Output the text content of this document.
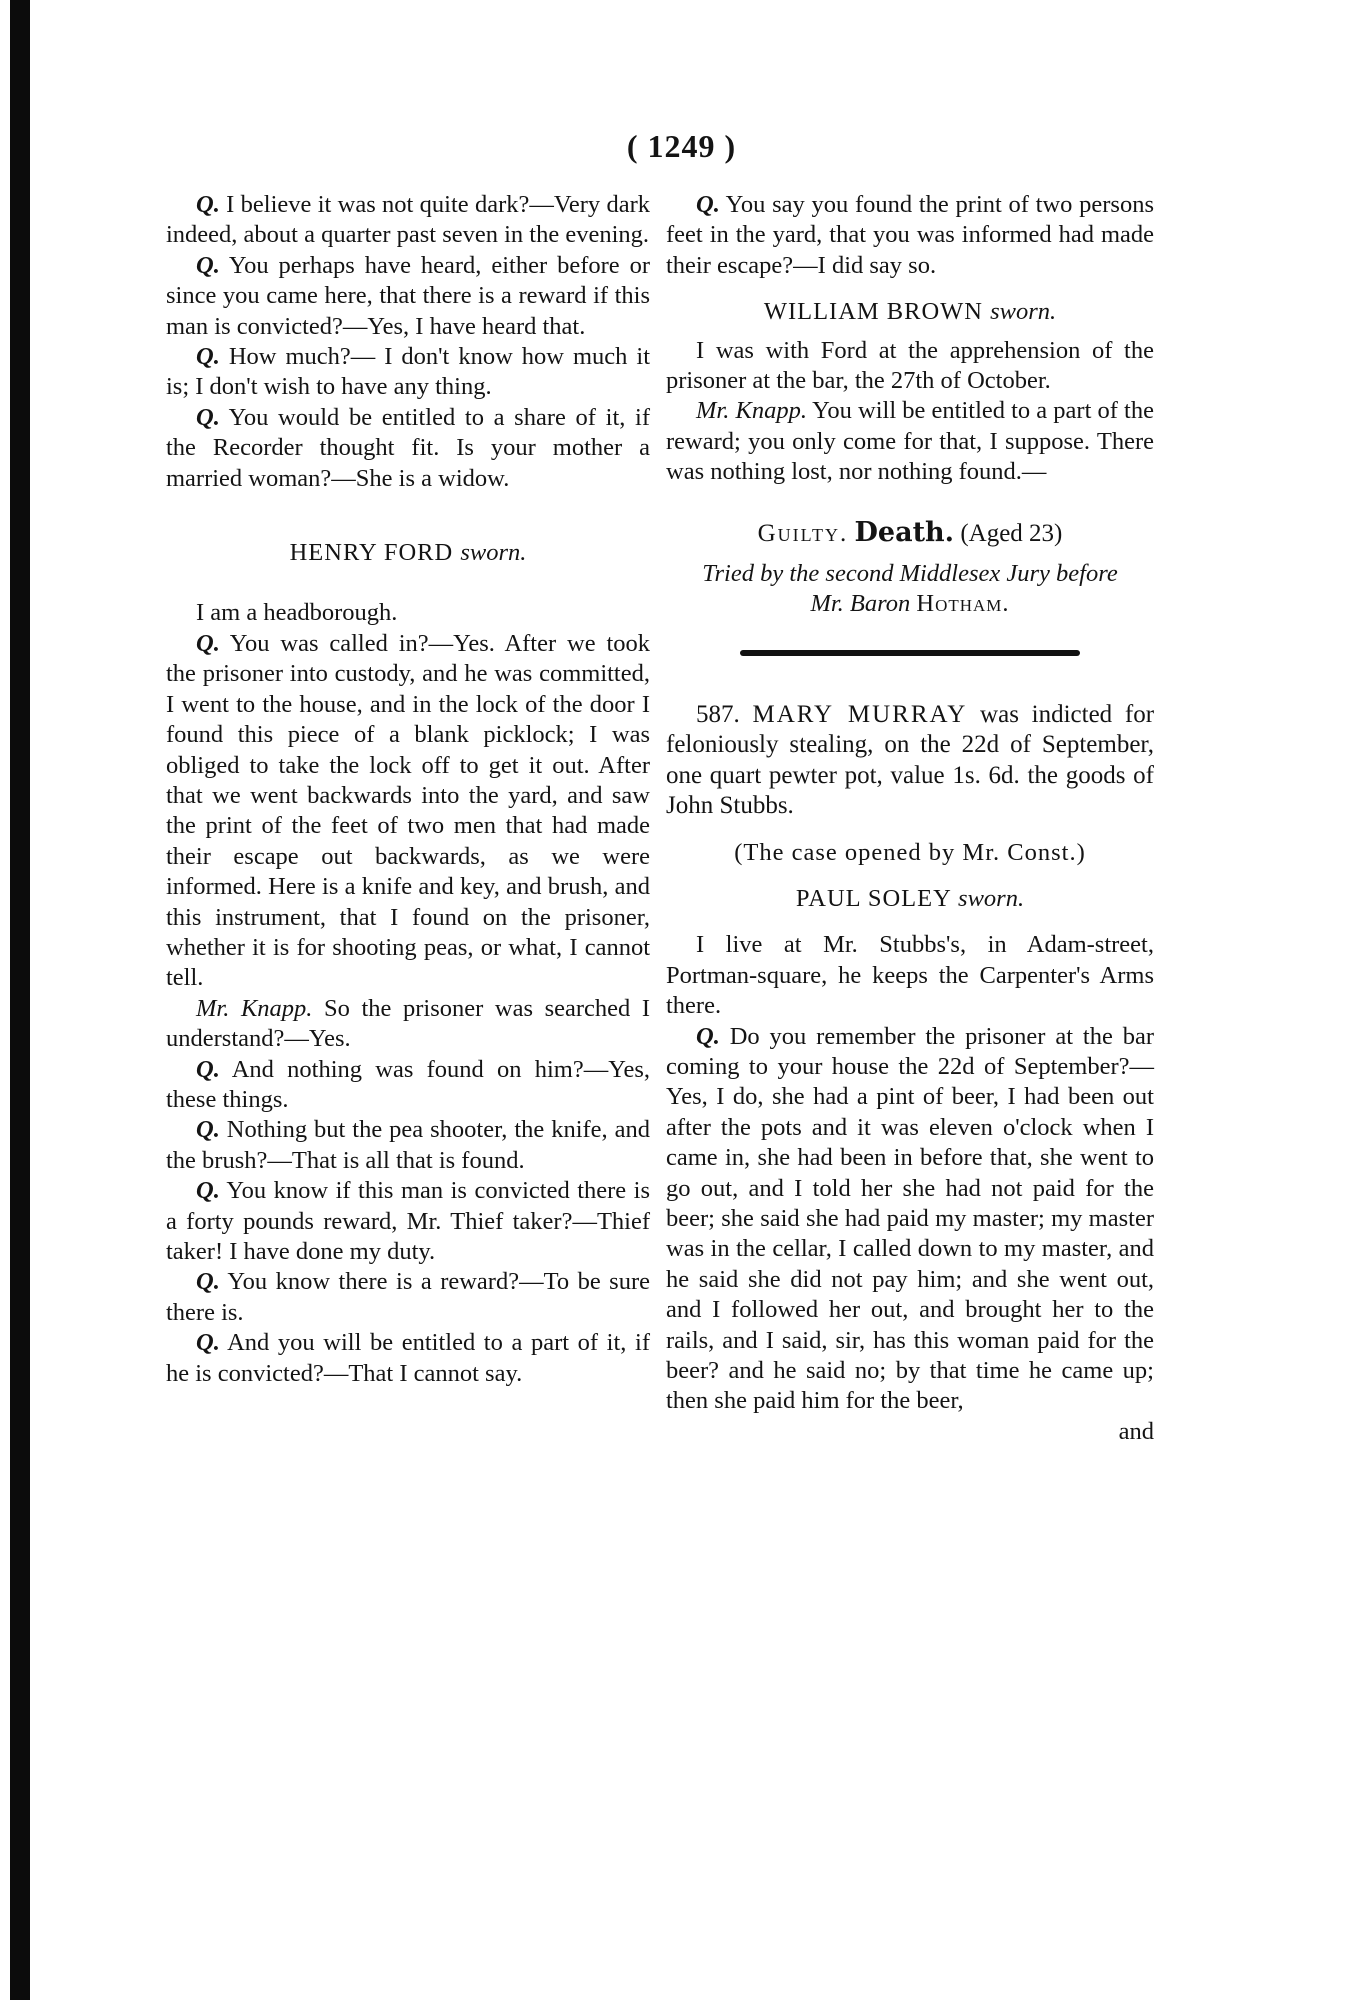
( 1249 )

Q. I believe it was not quite dark?—Very dark indeed, about a quarter past seven in the evening.

Q. You perhaps have heard, either before or since you came here, that there is a reward if this man is convicted?—Yes, I have heard that.

Q. How much?— I don't know how much it is; I don't wish to have any thing.

Q. You would be entitled to a share of it, if the Recorder thought fit. Is your mother a married woman?—She is a widow.

HENRY FORD sworn.

I am a headborough.

Q. You was called in?—Yes. After we took the prisoner into custody, and he was committed, I went to the house, and in the lock of the door I found this piece of a blank picklock; I was obliged to take the lock off to get it out. After that we went backwards into the yard, and saw the print of the feet of two men that had made their escape out backwards, as we were informed. Here is a knife and key, and brush, and this instrument, that I found on the prisoner, whether it is for shooting peas, or what, I cannot tell.

Mr. Knapp. So the prisoner was searched I understand?—Yes.

Q. And nothing was found on him?—Yes, these things.

Q. Nothing but the pea shooter, the knife, and the brush?—That is all that is found.

Q. You know if this man is convicted there is a forty pounds reward, Mr. Thief taker?—Thief taker! I have done my duty.

Q. You know there is a reward?—To be sure there is.

Q. And you will be entitled to a part of it, if he is convicted?—That I cannot say.

Q. You say you found the print of two persons feet in the yard, that you was informed had made their escape?—I did say so.

WILLIAM BROWN sworn.

I was with Ford at the apprehension of the prisoner at the bar, the 27th of October.

Mr. Knapp. You will be entitled to a part of the reward; you only come for that, I suppose. There was nothing lost, nor nothing found.—

Guilty. Death. (Aged 23)

Tried by the second Middlesex Jury before

Mr. Baron Hotham.

587. MARY MURRAY was indicted for feloniously stealing, on the 22d of September, one quart pewter pot, value 1s. 6d. the goods of John Stubbs.

(The case opened by Mr. Const.)

PAUL SOLEY sworn.

I live at Mr. Stubbs's, in Adam-street, Portman-square, he keeps the Carpenter's Arms there.

Q. Do you remember the prisoner at the bar coming to your house the 22d of September?— Yes, I do, she had a pint of beer, I had been out after the pots and it was eleven o'clock when I came in, she had been in before that, she went to go out, and I told her she had not paid for the beer; she said she had paid my master; my master was in the cellar, I called down to my master, and he said she did not pay him; and she went out, and I followed her out, and brought her to the rails, and I said, sir, has this woman paid for the beer? and he said no; by that time he came up; then she paid him for the beer,

and
